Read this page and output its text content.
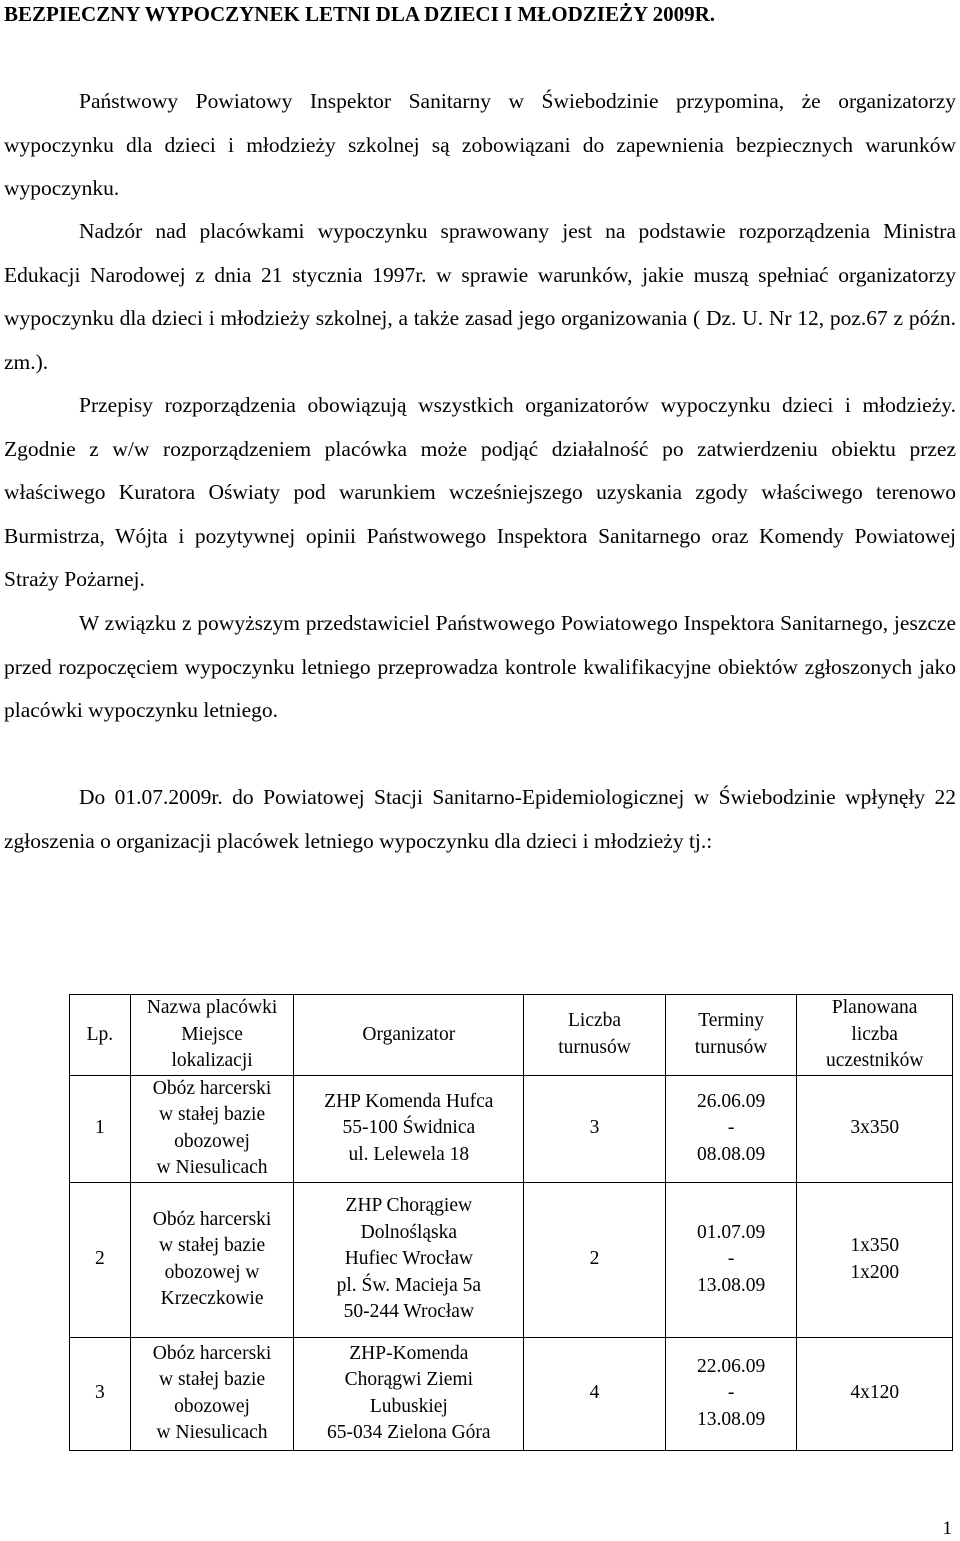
BEZPIECZNY WYPOCZYNEK LETNI DLA DZIECI I MŁODZIEŻY 2009R.

Państwowy Powiatowy Inspektor Sanitarny w Świebodzinie przypomina, że organizatorzy wypoczynku dla dzieci i młodzieży szkolnej są zobowiązani do zapewnienia bezpiecznych warunków wypoczynku.

Nadzór nad placówkami wypoczynku sprawowany jest na podstawie rozporządzenia Ministra Edukacji Narodowej z dnia 21 stycznia 1997r. w sprawie warunków, jakie muszą spełniać organizatorzy wypoczynku dla dzieci i młodzieży szkolnej, a także zasad jego organizowania ( Dz. U. Nr 12, poz.67 z późn. zm.).

Przepisy rozporządzenia obowiązują wszystkich organizatorów wypoczynku dzieci i młodzieży. Zgodnie z w/w rozporządzeniem placówka może podjąć działalność po zatwierdzeniu obiektu przez właściwego Kuratora Oświaty pod warunkiem wcześniejszego uzyskania zgody właściwego terenowo Burmistrza, Wójta i pozytywnej opinii Państwowego Inspektora Sanitarnego oraz Komendy Powiatowej Straży Pożarnej.

W związku z powyższym przedstawiciel Państwowego Powiatowego Inspektora Sanitarnego, jeszcze przed rozpoczęciem wypoczynku letniego przeprowadza kontrole kwalifikacyjne obiektów zgłoszonych jako placówki wypoczynku letniego.

Do 01.07.2009r. do Powiatowej Stacji Sanitarno-Epidemiologicznej w Świebodzinie wpłynęły 22 zgłoszenia o organizacji placówek letniego wypoczynku dla dzieci i młodzieży tj.:

Lp.	Nazwa placówki
Miejsce
lokalizacji	Organizator	Liczba
turnusów	Terminy
turnusów	Planowana
liczba
uczestników

1	Obóz harcerski
w stałej bazie
obozowej
w Niesulicach	ZHP Komenda Hufca
55-100 Świdnica
ul. Lelewela 18	3	26.06.09
-
08.08.09	3x350

2	Obóz harcerski
w stałej bazie
obozowej w
Krzeczkowie	ZHP Chorągiew
Dolnośląska
Hufiec Wrocław
pl. Św. Macieja 5a
50-244 Wrocław	2	01.07.09
-
13.08.09	1x350
1x200

3	Obóz harcerski
w stałej bazie
obozowej
w Niesulicach	ZHP-Komenda
Chorągwi Ziemi
Lubuskiej
65-034 Zielona Góra	4	22.06.09
-
13.08.09	4x120
1
